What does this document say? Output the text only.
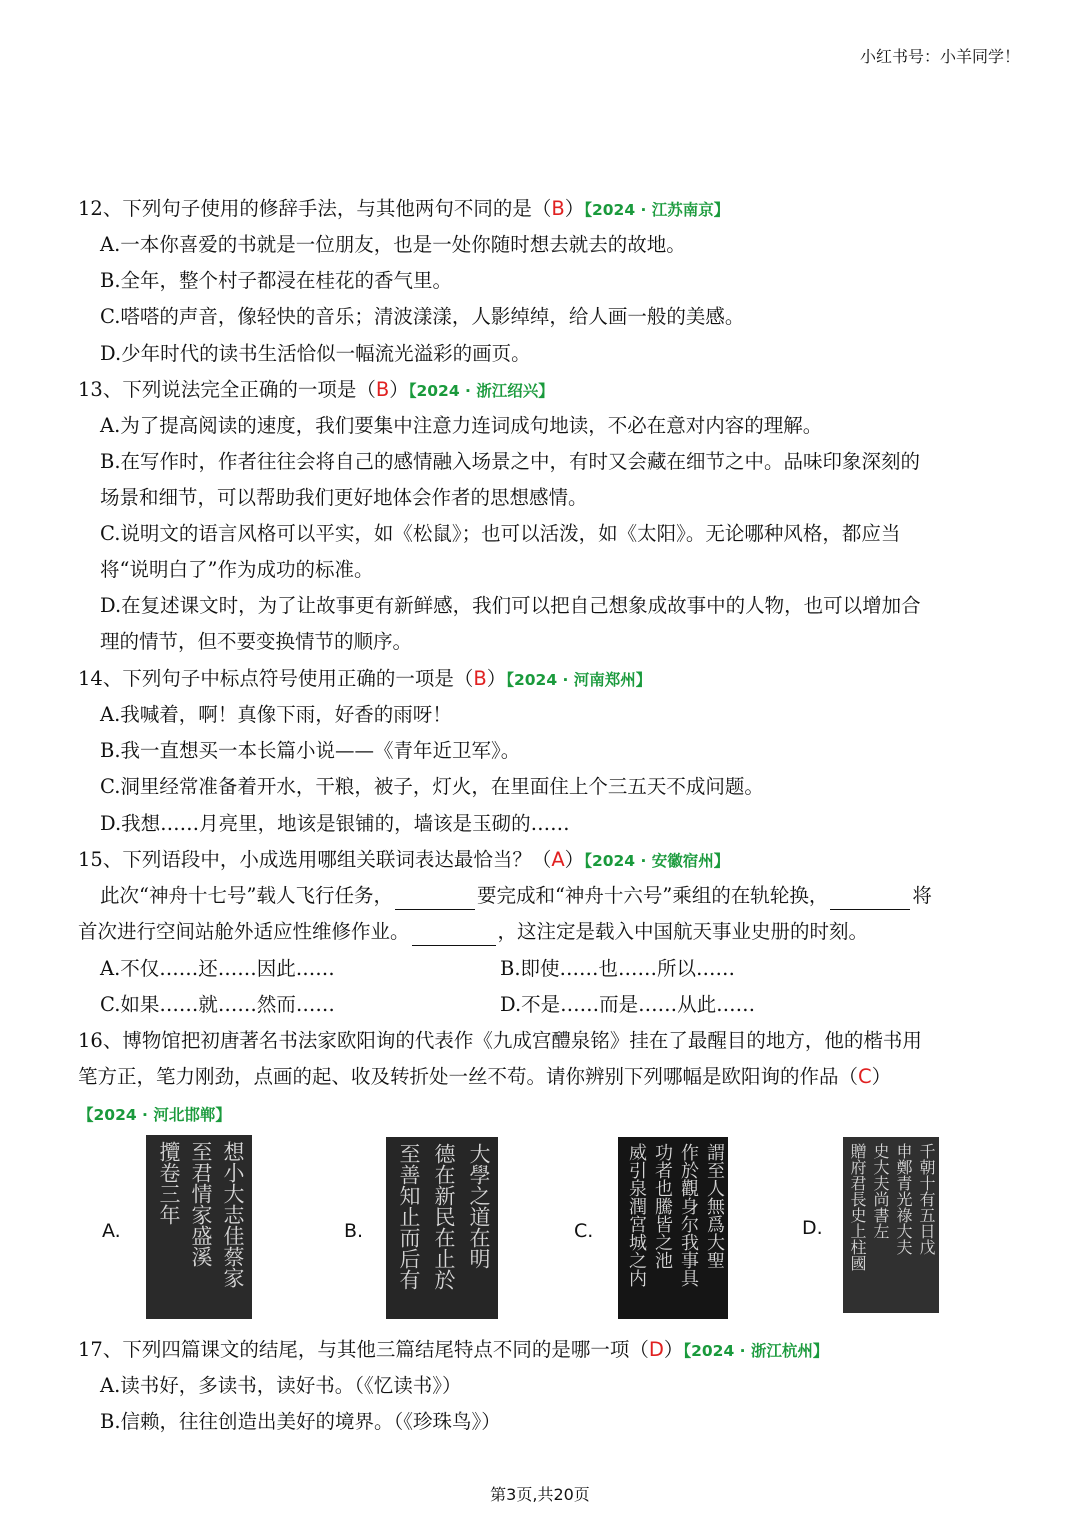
小红书号：小羊同学！
12、下列句子使用的修辞手法，与其他两句不同的是（B）【2024 · 江苏南京】
A.一本你喜爱的书就是一位朋友，也是一处你随时想去就去的故地。
B.全年，整个村子都浸在桂花的香气里。
C.嗒嗒的声音，像轻快的音乐；清波漾漾，人影绰绰，给人画一般的美感。
D.少年时代的读书生活恰似一幅流光溢彩的画页。
13、下列说法完全正确的一项是（B）【2024 · 浙江绍兴】
A.为了提高阅读的速度，我们要集中注意力连词成句地读，不必在意对内容的理解。
B.在写作时，作者往往会将自己的感情融入场景之中，有时又会藏在细节之中。品味印象深刻的
场景和细节，可以帮助我们更好地体会作者的思想感情。
C.说明文的语言风格可以平实，如《松鼠》；也可以活泼，如《太阳》。无论哪种风格，都应当
将“说明白了”作为成功的标准。
D.在复述课文时，为了让故事更有新鲜感，我们可以把自己想象成故事中的人物，也可以增加合
理的情节，但不要变换情节的顺序。
14、下列句子中标点符号使用正确的一项是（B）【2024 · 河南郑州】
A.我喊着，啊！真像下雨，好香的雨呀！
B.我一直想买一本长篇小说——《青年近卫军》。
C.洞里经常准备着开水，干粮，被子，灯火，在里面住上个三五天不成问题。
D.我想……月亮里，地该是银铺的，墙该是玉砌的……
15、下列语段中，小成选用哪组关联词表达最恰当？（A）【2024 · 安徽宿州】
此次“神舟十七号”载人飞行任务，	要完成和“神舟十六号”乘组的在轨轮换，	将
首次进行空间站舱外适应性维修作业。	，这注定是载入中国航天事业史册的时刻。
A.不仅……还……因此……	B.即使……也……所以……
C.如果……就……然而……	D.不是……而是……从此……
16、博物馆把初唐著名书法家欧阳询的代表作《九成宫醴泉铭》挂在了最醒目的地方，他的楷书用
笔方正，笔力刚劲，点画的起、收及转折处一丝不苟。请你辨别下列哪幅是欧阳询的作品（C）
【2024 · 河北邯郸】
A.	想小大志佳蔡家
至君情家盛溪
攬卷三年
B.	大學之道在明
德在新民在止於
至善知止而后有	C.	謂至人無爲大聖
作於觀身尔我事具
功者也騰皆之池
威引泉潤宮城之内	D.	千朝十有五日戊
申鄭青光祿大夫
史大夫尚書左
贈府君長史上柱國
17、下列四篇课文的结尾，与其他三篇结尾特点不同的是哪一项（D）【2024 · 浙江杭州】
A.读书好，多读书，读好书。（《忆读书》）
B.信赖，往往创造出美好的境界。（《珍珠鸟》）
第3页,共20页
